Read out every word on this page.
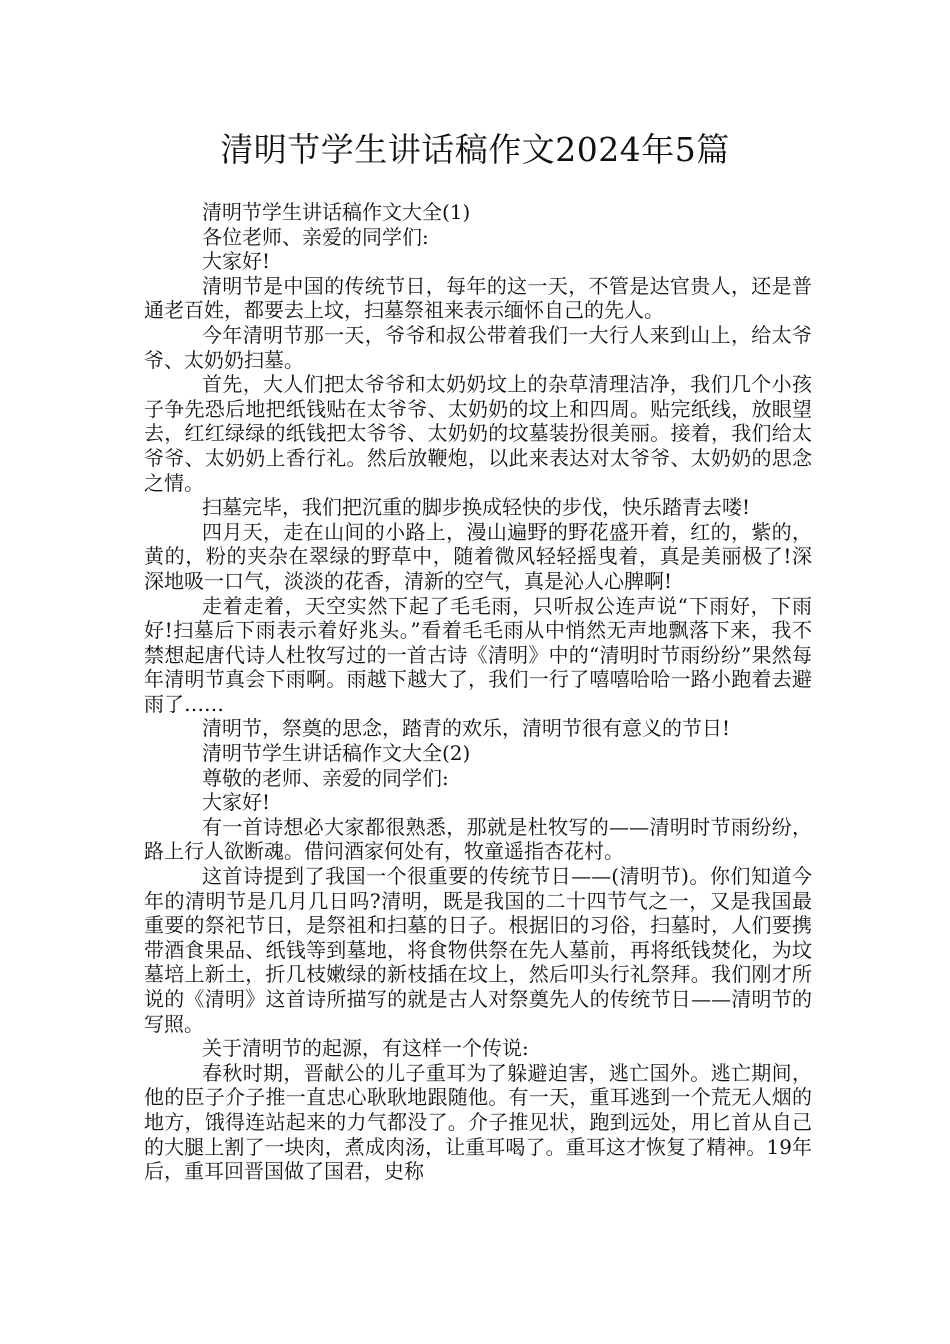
清明节学生讲话稿作文2024年5篇

清明节学生讲话稿作文大全(1)

各位老师、亲爱的同学们:

大家好!

清明节是中国的传统节日，每年的这一天，不管是达官贵人，还是普通老百姓，都要去上坟，扫墓祭祖来表示缅怀自己的先人。

今年清明节那一天，爷爷和叔公带着我们一大行人来到山上，给太爷爷、太奶奶扫墓。

首先，大人们把太爷爷和太奶奶坟上的杂草清理洁净，我们几个小孩子争先恐后地把纸钱贴在太爷爷、太奶奶的坟上和四周。贴完纸线，放眼望去，红红绿绿的纸钱把太爷爷、太奶奶的坟墓装扮很美丽。接着，我们给太爷爷、太奶奶上香行礼。然后放鞭炮，以此来表达对太爷爷、太奶奶的思念之情。

扫墓完毕，我们把沉重的脚步换成轻快的步伐，快乐踏青去喽!

四月天，走在山间的小路上，漫山遍野的野花盛开着，红的，紫的，黄的，粉的夹杂在翠绿的野草中，随着微风轻轻摇曳着，真是美丽极了!深深地吸一口气，淡淡的花香，清新的空气，真是沁人心脾啊!

走着走着，天空实然下起了毛毛雨，只听叔公连声说“下雨好，下雨好!扫墓后下雨表示着好兆头。”看着毛毛雨从中悄然无声地飘落下来，我不禁想起唐代诗人杜牧写过的一首古诗《清明》中的“清明时节雨纷纷”果然每年清明节真会下雨啊。雨越下越大了，我们一行了嘻嘻哈哈一路小跑着去避雨了……

清明节，祭奠的思念，踏青的欢乐，清明节很有意义的节日!

清明节学生讲话稿作文大全(2)

尊敬的老师、亲爱的同学们:

大家好!

有一首诗想必大家都很熟悉，那就是杜牧写的——清明时节雨纷纷，路上行人欲断魂。借问酒家何处有，牧童遥指杏花村。

这首诗提到了我国一个很重要的传统节日——(清明节)。你们知道今年的清明节是几月几日吗?清明，既是我国的二十四节气之一，又是我国最重要的祭祀节日，是祭祖和扫墓的日子。根据旧的习俗，扫墓时，人们要携带酒食果品、纸钱等到墓地，将食物供祭在先人墓前，再将纸钱焚化，为坟墓培上新土，折几枝嫩绿的新枝插在坟上，然后叩头行礼祭拜。我们刚才所说的《清明》这首诗所描写的就是古人对祭奠先人的传统节日——清明节的写照。

关于清明节的起源，有这样一个传说:

春秋时期，晋献公的儿子重耳为了躲避迫害，逃亡国外。逃亡期间，他的臣子介子推一直忠心耿耿地跟随他。有一天，重耳逃到一个荒无人烟的地方，饿得连站起来的力气都没了。介子推见状，跑到远处，用匕首从自己的大腿上割了一块肉，煮成肉汤，让重耳喝了。重耳这才恢复了精神。19年后，重耳回晋国做了国君，史称
